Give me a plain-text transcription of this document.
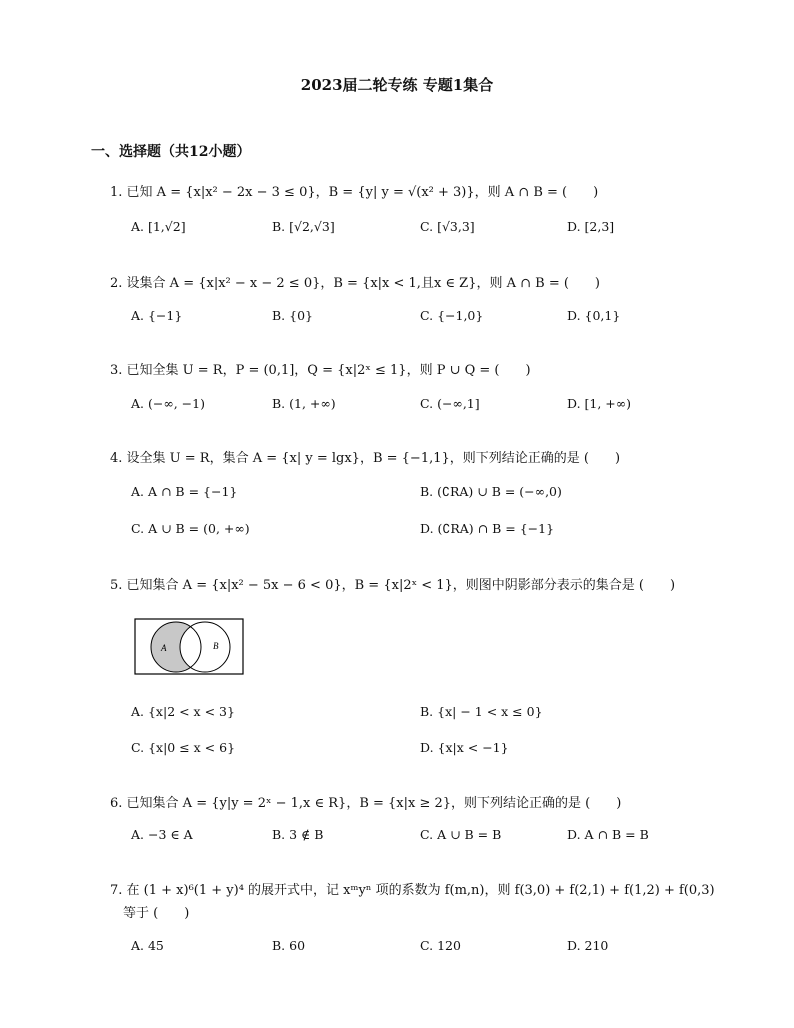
2023届二轮专练 专题1集合
一、选择题（共12小题）
1. 已知 A = {x|x² − 2x − 3 ≤ 0}，B = {y| y = √(x² + 3)}，则 A ∩ B = (　　)
A. [1,√2]	B. [√2,√3]	C. [√3,3]	D. [2,3]
2. 设集合 A = {x|x² − x − 2 ≤ 0}，B = {x|x < 1,且x ∈ Z}，则 A ∩ B = (　　)
A. {−1}	B. {0}	C. {−1,0}	D. {0,1}
3. 已知全集 U = R，P = (0,1]，Q = {x|2ˣ ≤ 1}，则 P ∪ Q = (　　)
A. (−∞, −1)	B. (1, +∞)	C. (−∞,1]	D. [1, +∞)
4. 设全集 U = R，集合 A = {x| y = lgx}，B = {−1,1}，则下列结论正确的是 (　　)
A. A ∩ B = {−1}	B. (∁RA) ∪ B = (−∞,0)
C. A ∪ B = (0, +∞)	D. (∁RA) ∩ B = {−1}
5. 已知集合 A = {x|x² − 5x − 6 < 0}，B = {x|2ˣ < 1}，则图中阴影部分表示的集合是 (　　)
A	B
A. {x|2 < x < 3}	B. {x| − 1 < x ≤ 0}
C. {x|0 ≤ x < 6}	D. {x|x < −1}
6. 已知集合 A = {y|y = 2ˣ − 1,x ∈ R}，B = {x|x ≥ 2}，则下列结论正确的是 (　　)
A. −3 ∈ A	B. 3 ∉ B	C. A ∪ B = B	D. A ∩ B = B
7. 在 (1 + x)⁶(1 + y)⁴ 的展开式中，记 xᵐyⁿ 项的系数为 f(m,n)，则 f(3,0) + f(2,1) + f(1,2) + f(0,3)
等于 (　　)
A. 45	B. 60	C. 120	D. 210
